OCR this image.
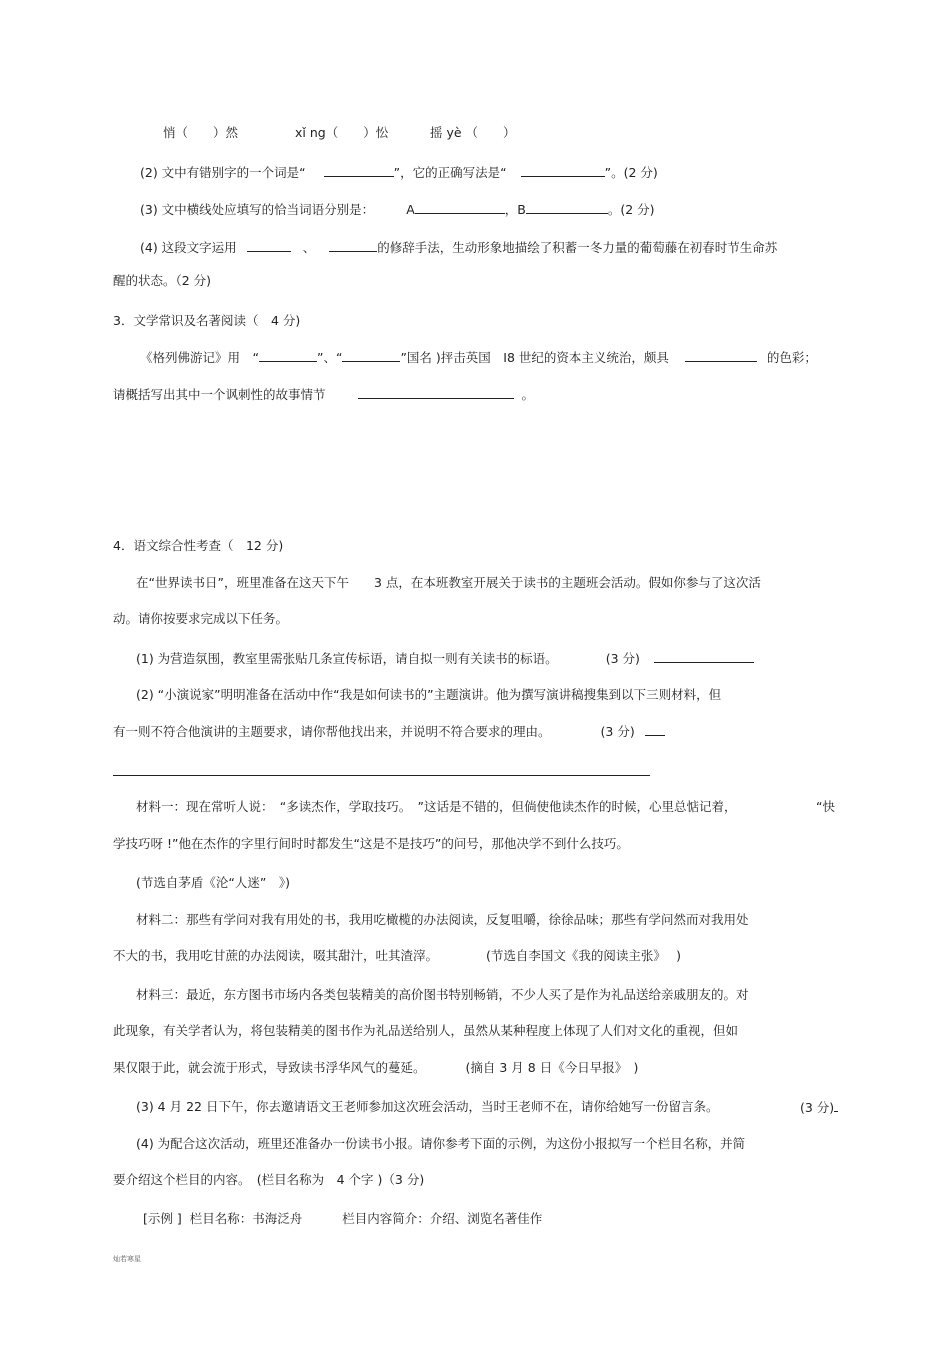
悄（　　）然	xǐ ng（　　）忪	摇 yè （　　）
(2) 文中有错别字的一个词是“	”，它的正确写法是“	”。(2 分)
(3) 文中横线处应填写的恰当词语分别是：	A	，B	。(2 分)
(4) 这段文字运用	、	的修辞手法，生动形象地描绘了积蓄一冬力量的葡萄藤在初春时节生命苏
醒的状态。（2 分)
3．文学常识及名著阅读（　4 分)
《格列佛游记》用　“	”、“	”国名 )抨击英国　I8 世纪的资本主义统治，颇具	的色彩；
请概括写出其中一个讽刺性的故事情节	。
4．语文综合性考查（　12 分)
在“世界读书日”，班里准备在这天下午　　3 点，在本班教室开展关于读书的主题班会活动。假如你参与了这次活
动。请你按要求完成以下任务。
(1) 为营造氛围，教室里需张贴几条宣传标语，请自拟一则有关读书的标语。	(3 分)
(2) “小演说家”明明准备在活动中作“我是如何读书的”主题演讲。他为撰写演讲稿搜集到以下三则材料，但
有一则不符合他演讲的主题要求，请你帮他找出来，并说明不符合要求的理由。	(3 分)
材料一：现在常听人说：　“多读杰作，学取技巧。　”这话是不错的，但倘使他读杰作的时候，心里总惦记着，	“快
学技巧呀 !”他在杰作的字里行间时时都发生“这是不是技巧”的问号，那他决学不到什么技巧。
(节选自茅盾《沦“人迷”　》)
材料二：那些有学问对我有用处的书，我用吃橄榄的办法阅读，反复咀嚼，徐徐品味；那些有学问然而对我用处
不大的书，我用吃甘蔗的办法阅读，啜其甜汁，吐其渣滓。	(节选自李国文《我的阅读主张》　 )
材料三：最近，东方图书市场内各类包装精美的高价图书特别畅销，不少人买了是作为礼品送给亲戚朋友的。对
此现象，有关学者认为，将包装精美的图书作为礼品送给别人，虽然从某种程度上体现了人们对文化的重视，但如
果仅限于此，就会流于形式，导致读书浮华风气的蔓延。	(摘自 3 月 8 日《今日早报》　)
(3) 4 月 22 日下午，你去邀请语文王老师参加这次班会活动，当时王老师不在，请你给她写一份留言条。	(3 分)
(4) 为配合这次活动，班里还准备办一份读书小报。请你参考下面的示例，为这份小报拟写一个栏目名称，并简
要介绍这个栏目的内容。　(栏目名称为　4 个字 )（3 分)
[示例 ] 栏目名称：书海泛舟	栏目内容简介：介绍、浏览名著佳作
灿若寒星
